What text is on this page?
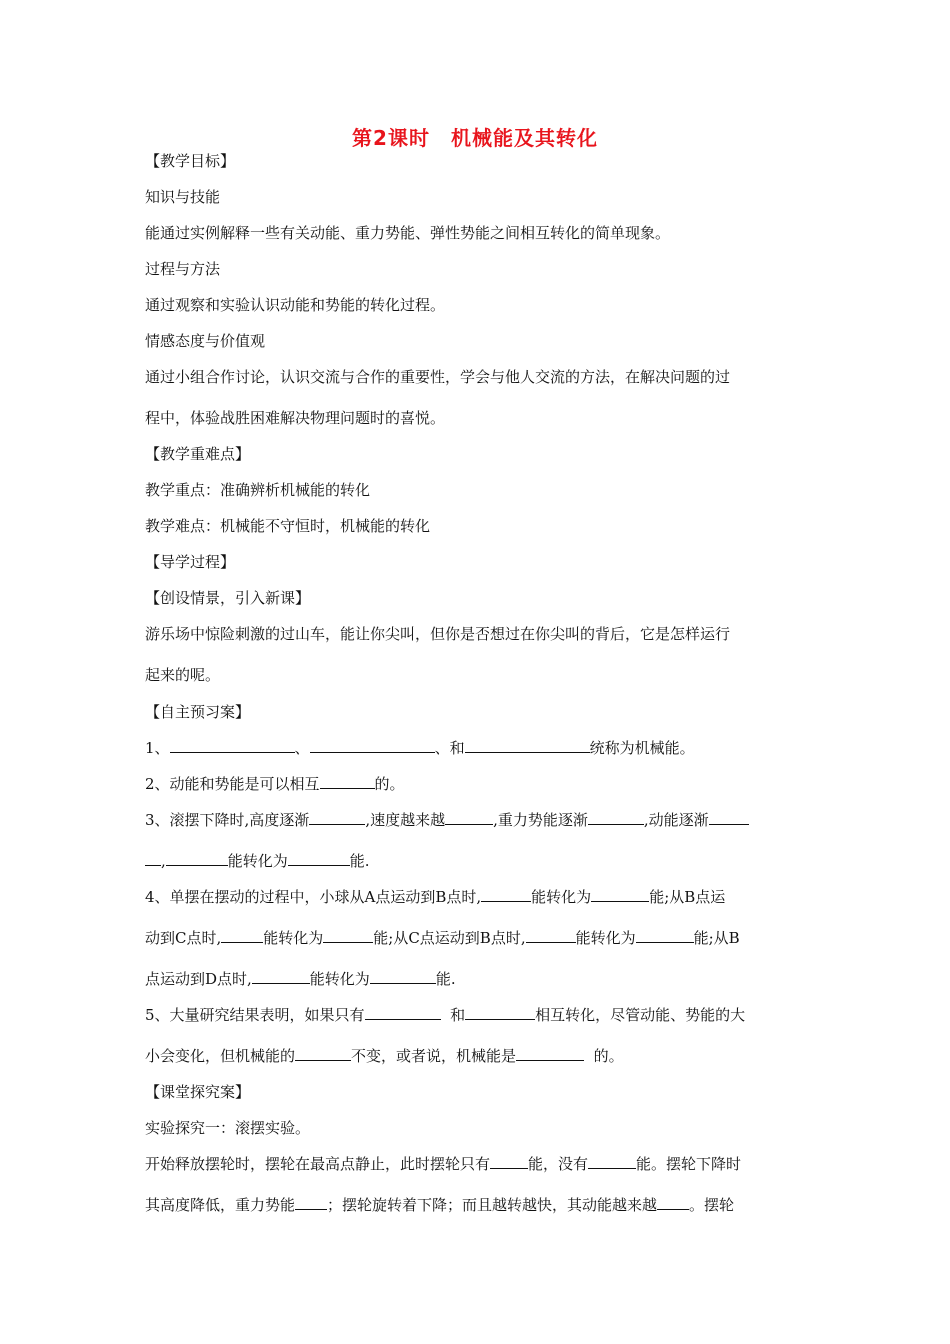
第2课时　机械能及其转化
【教学目标】
知识与技能
能通过实例解释一些有关动能、重力势能、弹性势能之间相互转化的简单现象。
过程与方法
通过观察和实验认识动能和势能的转化过程。
情感态度与价值观
通过小组合作讨论，认识交流与合作的重要性，学会与他人交流的方法，在解决问题的过
程中，体验战胜困难解决物理问题时的喜悦。
【教学重难点】
教学重点：准确辨析机械能的转化
教学难点：机械能不守恒时，机械能的转化
【导学过程】
【创设情景，引入新课】
游乐场中惊险刺激的过山车，能让你尖叫，但你是否想过在你尖叫的背后，它是怎样运行
起来的呢。
【自主预习案】
1、	、	、和	统称为机械能。
2、动能和势能是可以相互	的。
3、滚摆下降时,高度逐渐	,速度越来越	,重力势能逐渐	,动能逐渐
,	能转化为	能.
4、单摆在摆动的过程中，小球从A点运动到B点时,	能转化为	能;从B点运
动到C点时,	能转化为	能;从C点运动到B点时,	能转化为	能;从B
点运动到D点时,	能转化为	能.
5、大量研究结果表明，如果只有	和	相互转化，尽管动能、势能的大
小会变化，但机械能的	不变，或者说，机械能是	的。
【课堂探究案】
实验探究一：滚摆实验。
开始释放摆轮时，摆轮在最高点静止，此时摆轮只有	能，没有	能。摆轮下降时
其高度降低，重力势能 ；摆轮旋转着下降；而且越转越快，其动能越来越 。摆轮
